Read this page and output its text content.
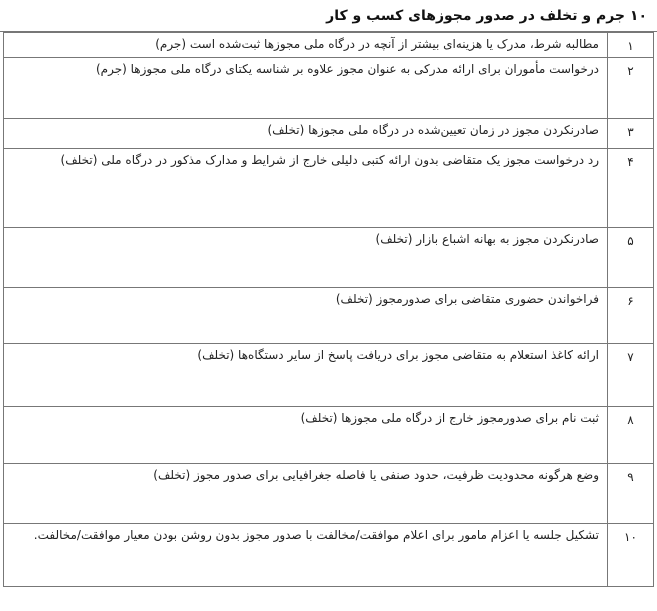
۱۰ جرم و تخلف در صدور مجوزهای کسب و کار
۱	مطالبه شرط، مدرک یا هزینه‌ای بیشتر از آنچه در درگاه ملی مجوزها ثبت‌شده است (جرم)
۲	درخواست مأموران برای ارائه مدرکی به عنوان مجوز علاوه بر شناسه یکتای درگاه ملی مجوزها (جرم)
۳	صادرنکردن مجوز در زمان تعیین‌شده در درگاه ملی مجوزها (تخلف)
۴	رد درخواست مجوز یک متقاضی بدون ارائه کتبی دلیلی خارج از شرایط و مدارک مذکور در درگاه ملی (تخلف)
۵	صادرنکردن مجوز به بهانه اشباع بازار (تخلف)
۶	فراخواندن حضوری متقاضی برای صدورمجوز (تخلف)
۷	ارائه کاغذ استعلام به متقاضی مجوز برای دریافت پاسخ از سایر دستگاه‌ها (تخلف)
۸	ثبت نام برای صدورمجوز خارج از درگاه ملی مجوزها (تخلف)
۹	وضع هرگونه محدودیت ظرفیت، حدود صنفی یا فاصله جغرافیایی برای صدور مجوز (تخلف)
۱۰	تشکیل جلسه یا اعزام مامور برای اعلام موافقت/مخالفت با صدور مجوز بدون روشن بودن معیار موافقت/مخالفت.
